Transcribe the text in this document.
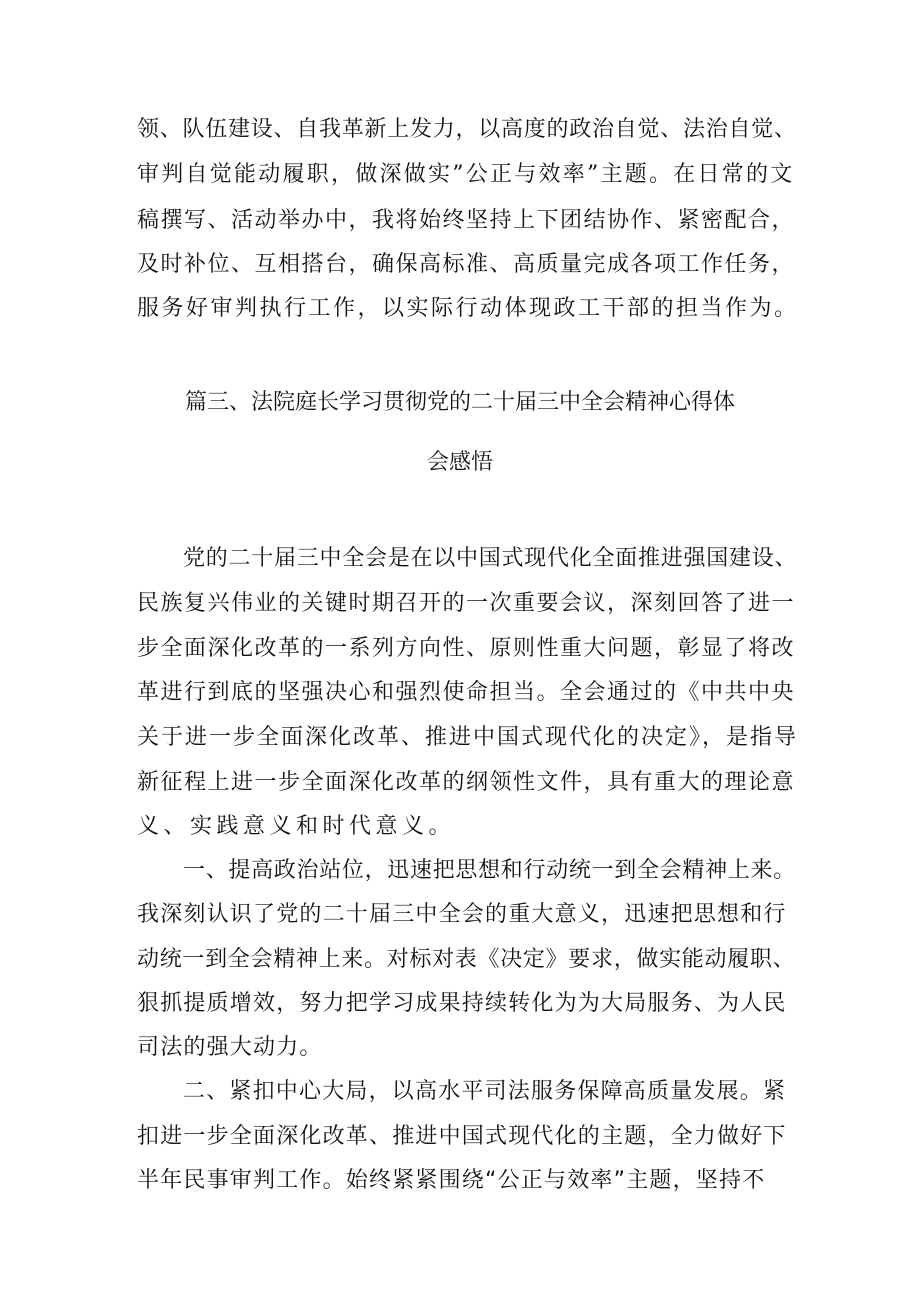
领、队伍建设、自我革新上发力，以高度的政治自觉、法治自觉、
审判自觉能动履职，做深做实”公正与效率”主题。在日常的文
稿撰写、活动举办中，我将始终坚持上下团结协作、紧密配合，
及时补位、互相搭台，确保高标准、高质量完成各项工作任务，
服务好审判执行工作，以实际行动体现政工干部的担当作为。
篇三、法院庭长学习贯彻党的二十届三中全会精神心得体
会感悟
党的二十届三中全会是在以中国式现代化全面推进强国建设、
民族复兴伟业的关键时期召开的一次重要会议，深刻回答了进一
步全面深化改革的一系列方向性、原则性重大问题，彰显了将改
革进行到底的坚强决心和强烈使命担当。全会通过的《中共中央
关于进一步全面深化改革、推进中国式现代化的决定》，是指导
新征程上进一步全面深化改革的纲领性文件，具有重大的理论意
义、实践意义和时代意义。
一、提高政治站位，迅速把思想和行动统一到全会精神上来。
我深刻认识了党的二十届三中全会的重大意义，迅速把思想和行
动统一到全会精神上来。对标对表《决定》要求，做实能动履职、
狠抓提质增效，努力把学习成果持续转化为为大局服务、为人民
司法的强大动力。
二、紧扣中心大局，以高水平司法服务保障高质量发展。紧
扣进一步全面深化改革、推进中国式现代化的主题，全力做好下
半年民事审判工作。始终紧紧围绕“公正与效率”主题，坚持不
